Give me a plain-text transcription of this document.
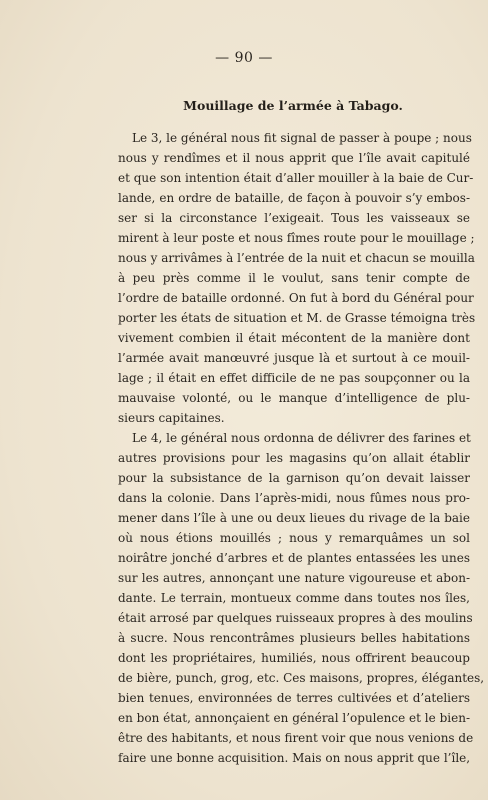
— 90 —
Mouillage de l’armée à Tabago.
Le 3, le général nous fit signal de passer à poupe ; nous
nous y rendîmes et il nous apprit que l’île avait capitulé
et que son intention était d’aller mouiller à la baie de Cur-
lande, en ordre de bataille, de façon à pouvoir s’y embos-
ser si la circonstance l’exigeait. Tous les vaisseaux se
mirent à leur poste et nous fîmes route pour le mouillage ;
nous y arrivâmes à l’entrée de la nuit et chacun se mouilla
à peu près comme il le voulut, sans tenir compte de
l’ordre de bataille ordonné. On fut à bord du Général pour
porter les états de situation et M. de Grasse témoigna très
vivement combien il était mécontent de la manière dont
l’armée avait manœuvré jusque là et surtout à ce mouil-
lage ; il était en effet difficile de ne pas soupçonner ou la
mauvaise volonté, ou le manque d’intelligence de plu-
sieurs capitaines.
Le 4, le général nous ordonna de délivrer des farines et
autres provisions pour les magasins qu’on allait établir
pour la subsistance de la garnison qu’on devait laisser
dans la colonie. Dans l’après-midi, nous fûmes nous pro-
mener dans l’île à une ou deux lieues du rivage de la baie
où nous étions mouillés ; nous y remarquâmes un sol
noirâtre jonché d’arbres et de plantes entassées les unes
sur les autres, annonçant une nature vigoureuse et abon-
dante. Le terrain, montueux comme dans toutes nos îles,
était arrosé par quelques ruisseaux propres à des moulins
à sucre. Nous rencontrâmes plusieurs belles habitations
dont les propriétaires, humiliés, nous offrirent beaucoup
de bière, punch, grog, etc. Ces maisons, propres, élégantes,
bien tenues, environnées de terres cultivées et d’ateliers
en bon état, annonçaient en général l’opulence et le bien-
être des habitants, et nous firent voir que nous venions de
faire une bonne acquisition. Mais on nous apprit que l’île,
